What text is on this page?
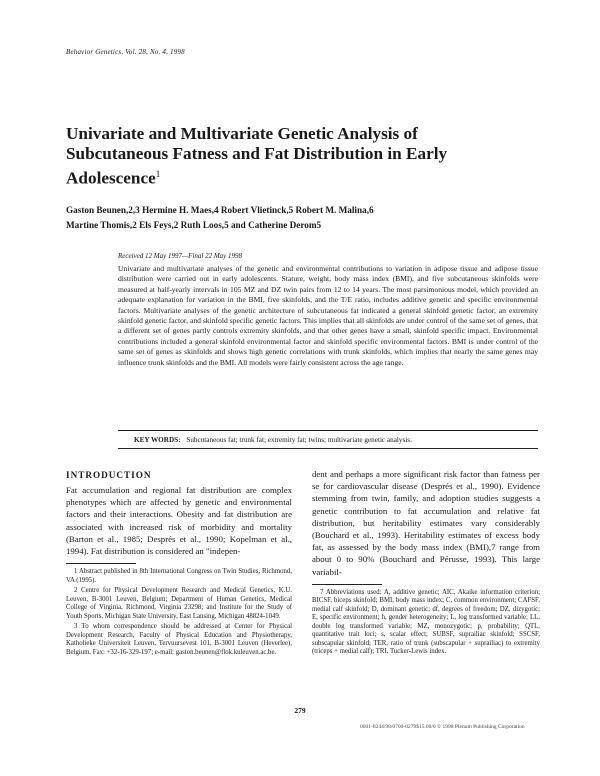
Behavior Genetics, Vol. 28, No. 4, 1998
Univariate and Multivariate Genetic Analysis of Subcutaneous Fatness and Fat Distribution in Early Adolescence$^1$
Gaston Beunen,2,3 Hermine H. Maes,4 Robert Vlietinck,5 Robert M. Malina,6
Martine Thomis,2 Els Feys,2 Ruth Loos,5 and Catherine Derom5
Received 12 May 1997—Final 22 May 1998
Univariate and multivariate analyses of the genetic and environmental contributions to variation in adipose tissue and adipose tissue distribution were carried out in early adolescents. Stature, weight, body mass index (BMI), and five subcutaneous skinfolds were measured at half-yearly intervals in 105 MZ and DZ twin pairs from 12 to 14 years. The most parsimonious model, which provided an adequate explanation for variation in the BMI, five skinfolds, and the T/E ratio, includes additive genetic and specific environmental factors. Multivariate analyses of the genetic architecture of subcutaneous fat indicated a general skinfold genetic factor, an extremity skinfold genetic factor, and skinfold specific genetic factors. This implies that all skinfolds are under control of the same set of genes, that a different set of genes partly controls extremity skinfolds, and that other genes have a small, skinfold specific impact. Environmental contributions included a general skinfold environmental factor and skinfold specific environmental factors. BMI is under control of the same set of genes as skinfolds and shows high genetic correlations with trunk skinfolds, which implies that nearly the same genes may influence trunk skinfolds and the BMI. All models were fairly consistent across the age range.
KEY WORDS: Subcutaneous fat; trunk fat; extremity fat; twins; multivariate genetic analysis.
INTRODUCTION
Fat accumulation and regional fat distribution are complex phenotypes which are affected by genetic and environmental factors and their interactions. Obesity and fat distribution are associated with increased risk of morbidity and mortality (Barton et al., 1985; Després et al., 1990; Kopelman et al., 1994). Fat distribution is considered an "indepen-

1 Abstract published in 8th International Congress on Twin Studies, Richmond, VA (1995).

2 Centre for Physical Development Research and Medical Genetics, K.U. Leuven, B-3001 Leuven, Belgium; Department of Human Genetics, Medical College of Virginia, Richmond, Virginia 23298; and Institute for the Study of Youth Sports, Michigan State University, East Lansing, Michigan 48824-1049.

3 To whom correspondence should be addressed at Center for Physical Development Research, Faculty of Physical Education and Physiotherapy, Katholieke Universiteit Leuven, Tervuursevest 101, B-3001 Leuven (Heverlee), Belgium. Fax: +32-16-329-197; e-mail: gaston.beunen@flok.kuleuven.ac.be.

dent and perhaps a more significant risk factor than fatness per se for cardiovascular disease (Després et al., 1990). Evidence stemming from twin, family, and adoption studies suggests a genetic contribution to fat accumulation and relative fat distribution, but heritability estimates vary considerably (Bouchard et al., 1993). Heritability estimates of excess body fat, as assessed by the body mass index (BMI),7 range from about 0 to 90% (Bouchard and Pérusse, 1993). This large variabil-

7 Abbreviations used: A, additive genetic; AIC, Akaike information criterion; BICSF, biceps skinfold; BMI, body mass index; C, common environment; CAFSF, medial calf skinfold; D, dominant genetic; df, degrees of freedom; DZ, dizygotic; E, specific environment; h, gender heterogeneity; L, log transformed variable; LL, double log transformed variable; MZ, monozygotic; p, probability; QTL, quantitative trait loci; s, scalar effect; SUBSF, suprailiac skinfold; SSCSF, subscapular skinfold; TER, ratio of trunk (subscapular + suprailiac) to extremity (triceps + medial calf); TRI, Tucker-Lewis index.

279
0001-8244/98/0700-0279$15.00/0 © 1998 Plenum Publishing Corporation
